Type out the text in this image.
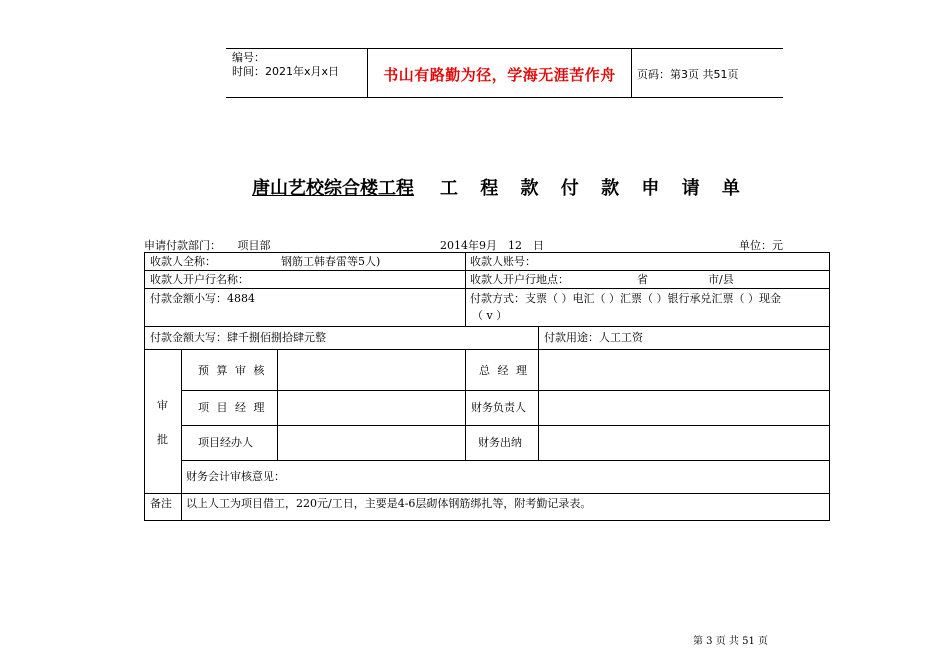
编号：
时间：2021年x月x日	书山有路勤为径，学海无涯苦作舟	页码：第3页 共51页
唐山艺校综合楼工程 工 程 款 付 款 申 请 单
申请付款部门：　　项目部	2014年9月　12　日	单位：元
收款人全称：	钢筋工韩春雷等5人)	收款人账号：
收款人开户行名称：	收款人开户行地点：	省	市/县
付款金额小写：4884	付款方式：支票（ ）电汇（ ）汇票（ ）银行承兑汇票（ ）现金
（ v ）
付款金额大写：肆千捌佰捌拾肆元整	付款用途：人工工资
审
批
预 算 审 核	总 经 理
项 目 经 理	财务负责人
项目经办人	财务出纳
财务会计审核意见：
备注 以上人工为项目借工，220元/工日，主要是4-6层砌体钢筋绑扎等，附考勤记录表。
第 3 页 共 51 页
